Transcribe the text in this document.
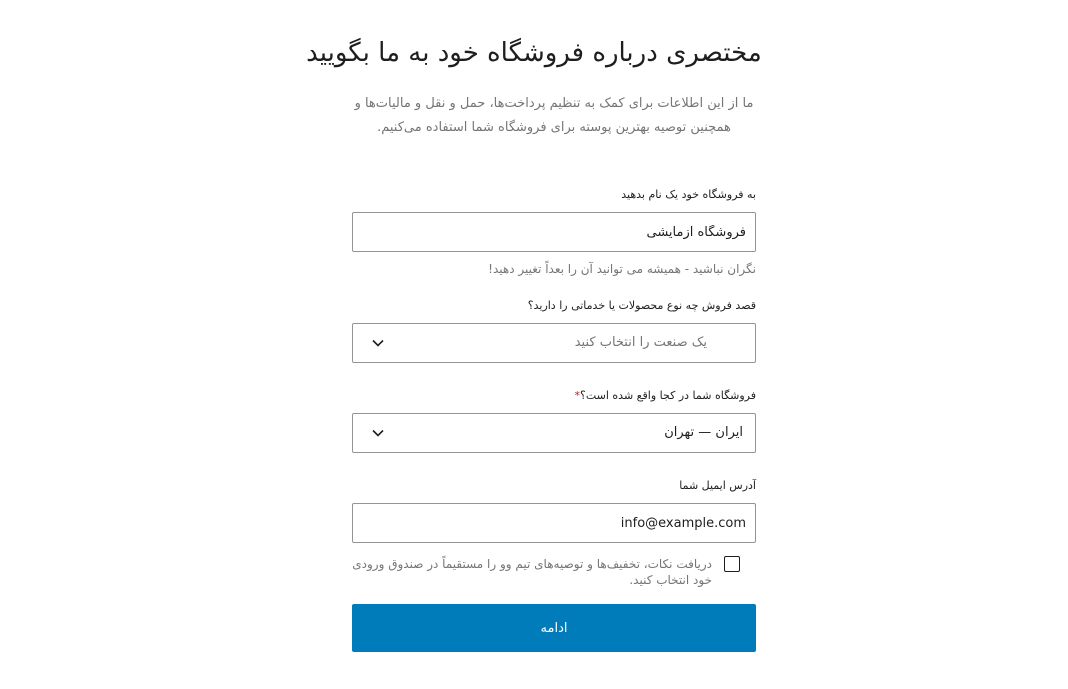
مختصری درباره فروشگاه خود به ما بگویید

ما از این اطلاعات برای کمک به تنظیم پرداخت‌ها، حمل و نقل و مالیات‌ها و همچنین توصیه بهترین پوسته برای فروشگاه شما استفاده می‌کنیم.

به فروشگاه خود یک نام بدهید
فروشگاه آزمایشی
نگران نباشید - همیشه می توانید آن را بعداً تغییر دهید!
قصد فروش چه نوع محصولات یا خدماتی را دارید؟
یک صنعت را انتخاب کنید
فروشگاه شما در کجا واقع شده است؟*
ایران — تهران
آدرس ایمیل شما
info@example.com
دریافت نکات، تخفیف‌ها و توصیه‌های تیم وو را مستقیماً در صندوق ورودی خود انتخاب کنید.
ادامه
